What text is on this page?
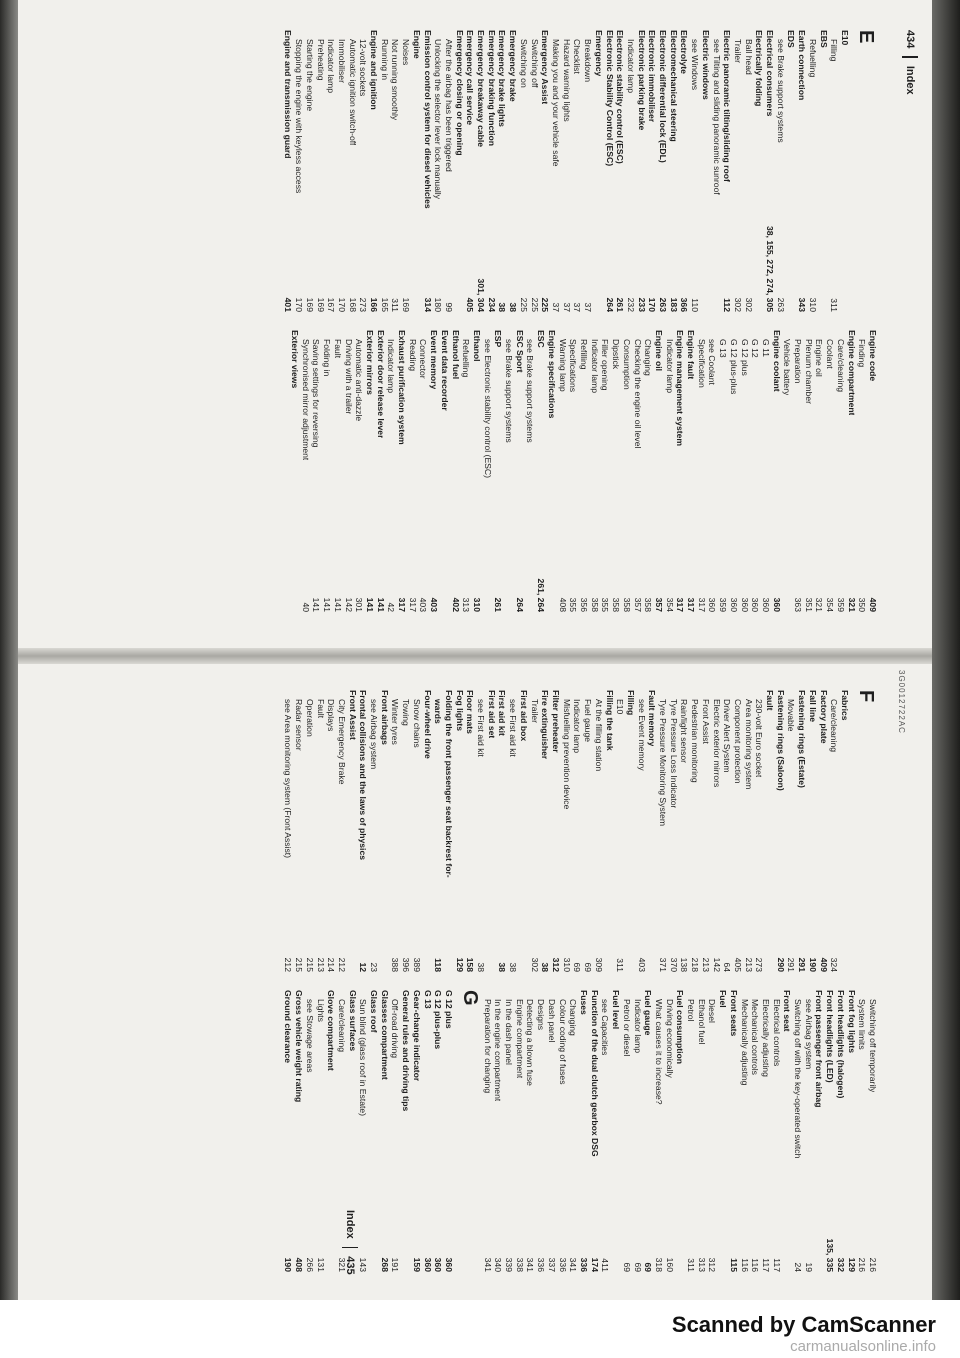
E
E10
Filling
311
EBS
Refuelling
310
Earth connection
343
EDS
see Brake support systems
263
Electrical consumers
38, 155, 272, 274, 305
Electrically folding
Ball head
302
Trailer
302
Electric panoramic tilting/sliding roof
112
see Tilting and sliding panoramic sunroof
Electric windows
see Windows
110
Electrolyte
366
Electromechanical steering
183
Electronic differential lock (EDL)
263
Electronic immobiliser
170
Electronic parking brake
233
Indicator lamp
232
Electronic stability control (ESC)
261
Electronic Stability Control (ESC)
264
Emergency
Breakdown
37
Checklist
37
Hazard warning lights
37
Making you and your vehicle safe
37
Emergency Assist
225
Switching off
225
Switching on
225
Emergency brake
38
Emergency brake lights
38
Emergency braking function
234
Emergency breakaway cable
301, 304
Emergency call service
405
Emergency closing or opening
After the airbag has been triggered
99
Unlocking the selector lever lock manually
180
Emission control system for diesel vehicles
314
Engine
Noises
169
Not running smoothly
311
Running in
165
Engine and ignition
166
12-volt sockets
273
Automatic ignition switch-off
168
Immobiliser
170
Indicator lamp
167
Preheating
169
Starting the engine
169
Stopping the engine with keyless access
170
Engine and transmission guard
401
Engine code
409
Finding
350
Engine compartment
321
Care/cleaning
359
Coolant
354
Engine oil
321
Plenum chamber
351
Preparation
363
Vehicle battery
Engine coolant
360
G 11
360
G 12
360
G 12 plus
360
G 12 plus-plus
360
G 13
359
see Coolant
360
Specification
317
Engine fault
317
Engine management system
317
Indicator lamp
354
Engine oil
357
Changing
358
Checking the engine oil level
357
Consumption
358
Dipstick
358
Filler opening
355
Indicator lamp
358
Refilling
356
Specifications
355
Warning lamp
408
Engine specifications
ESC
261, 264
see Brake support systems
ESC Sport
264
see Brake support systems
ESP
261
see Electronic stability control (ESC)
Ethanol
310
Refuelling
313
Ethanol fuel
402
Event data recorder
Event memory
403
Connector
403
Reading
317
Exhaust purification system
317
Indicator lamp
42
Exterior door release lever
141
Exterior mirrors
141
Automatic anti-dazzle
301
Driving with a trailer
142
Fault
141
Folding in
141
Saving settings for reversing
141
Synchronised mirror adjustment
40
Exterior views
434Index
F
Fabrics
Care/cleaning
324
Factory plate
409
Fall line
190
Fastening rings (Estate)
291
Movable
291
Fastening rings (Saloon)
290
Fault
230-volt Euro socket
273
Area monitoring system
213
Component protection
405
Driver Alert System
64
Electric exterior mirrors
142
Front Assist
213
Pedestrian monitoring
218
Rain/light sensor
138
Tyre Pressure Loss Indicator
370
Tyre Pressure Monitoring System
371
Fault memory
see Event memory
403
Filling
E10
311
Filling the tank
At the filling station
309
Fuel gauge
69
Indicator lamp
69
Misfuelling prevention device
310
Filter preheater
312
Fire extinguisher
38
Trailer
302
First aid box
see First aid kit
38
First aid kit
38
First aid set
see First aid kit
38
Floor mats
158
Fog lights
129
Folding the front passenger seat backrest for-
wards
118
Four-wheel drive
Snow chains
389
Towing
396
Winter tyres
388
Front airbags
see Airbag system
23
Frontal collisions and the laws of physics
12
Front Assist
City Emergency Brake
212
Displays
214
Fault
213
Operation
215
Radar sensor
215
see Area monitoring system (Front Assist)
212
Switching off temporarily
216
System limits
216
Front fog lights
129
Front headlights (halogen)
332
Front headlights (LED)
135, 335
Front passenger front airbag
see Airbag system
19
Switching off with the key-operated switch
24
Front seat
Electrical controls
117
Electrically adjusting
117
Mechanical controls
116
Mechanically adjusting
116
Front seats
115
Fuel
Diesel
312
Ethanol fuel
313
Petrol
311
Fuel consumption
Driving economically
160
What causes it to increase?
318
Fuel gauge
69
Indicator lamp
69
Petrol or diesel
69
Fuel level
see Capacities
411
Function of the dual clutch gearbox DSG
174
Fuses
336
Changing
341
Colour coding of fuses
336
Dash panel
337
Designs
336
Detecting a blown fuse
341
Engine compartment
338
In the dash panel
339
In the engine compartment
340
Preparation for changing
341
G
G 12 plus
360
G 12 plus-plus
360
G 13
360
Gear-change indicator
159
General rules and driving tips
Off-road driving
191
Glasses compartment
268
Glass roof
Sun blind (glass roof in Estate)
143
Glass surfaces
Care/cleaning
321
Glove compartment
Lights
131
see Stowage areas
266
Gross vehicle weight rating
408
Ground clearance
190
Index435
3G0012722AC
Scanned by CamScanner
carmanualsonline.info
